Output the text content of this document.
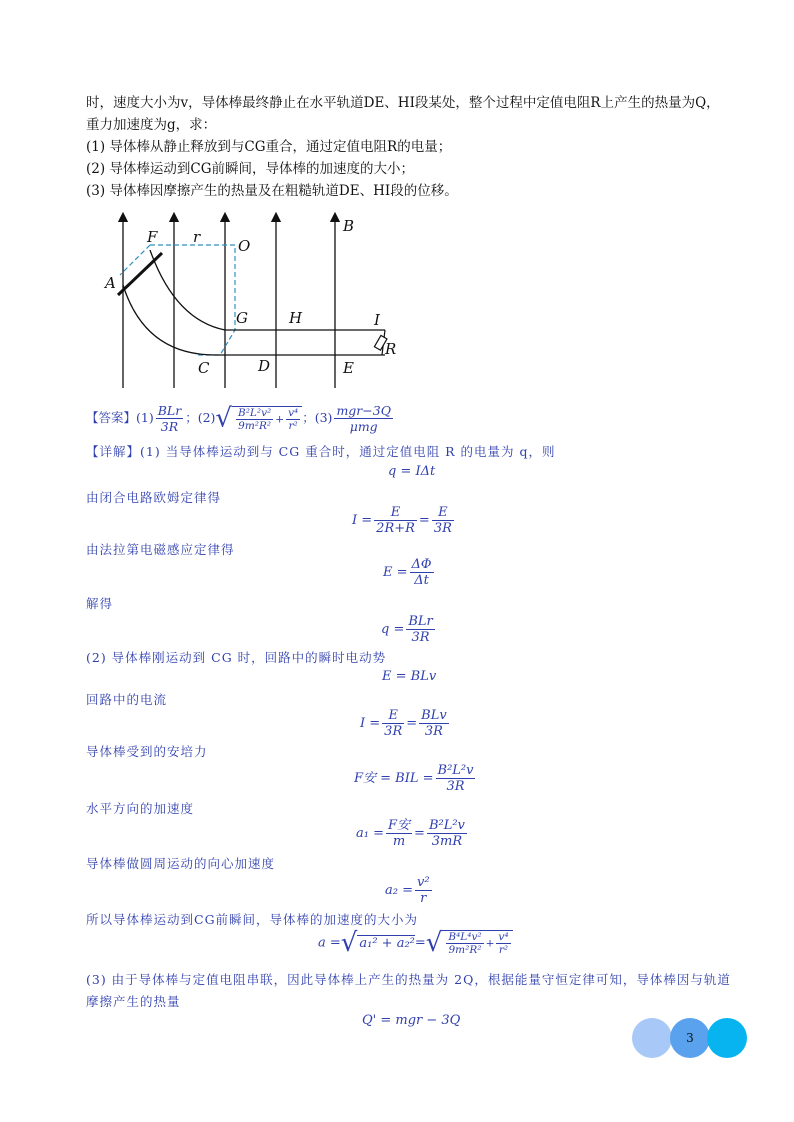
时，速度大小为v，导体棒最终静止在水平轨道DE、HI段某处，整个过程中定值电阻R上产生的热量为Q，
重力加速度为g，求：
(1) 导体棒从静止释放到与CG重合，通过定值电阻R的电量；
(2) 导体棒运动到CG前瞬间，导体棒的加速度的大小；
(3) 导体棒因摩擦产生的热量及在粗糙轨道DE、HI段的位移。
A
F r	O
B
G	H	I
C	D	E
R
【答案】$(1) \frac{\text{BLr}}{3R}$ ；$(2)√ \frac{\text{B²L²v²}}{\text{9m²R²}} + \frac{\text{v⁴}}{\text{r²}}$ ；$(3) \frac{\text{mgr−3Q}}{\text{μmg}}$
【详解】(1) 当导体棒运动到与 CG 重合时，通过定值电阻 R 的电量为 q，则
q = IΔt
由闭合电路欧姆定律得
$I = \frac{E}{2R+R} = \frac{E}{3R}$
由法拉第电磁感应定律得
$E = \frac{\Delta\Phi}{\Delta t}$
解得
$q = \frac{\text{BLr}}{3R}$
(2) 导体棒刚运动到 CG 时，回路中的瞬时电动势
E = BLv
回路中的电流
$I = \frac{E}{3R} = \frac{\text{BLv}}{3R}$
导体棒受到的安培力
F安 = BIL = $\frac{\text{B²L²v}}{3R}$
水平方向的加速度
$a_1 = \frac{\text{F安}}{m} = \frac{\text{B²L²v}}{3mR}$
导体棒做圆周运动的向心加速度
$a_2 = \frac{\text{v²}}{r}$
所以导体棒运动到CG前瞬间，导体棒的加速度的大小为
a =√ $a_1^2 + a_2^2=√ \frac{\text{B⁴L⁴v²}}{\text{9m²R²}} + \frac{\text{v⁴}}{\text{r²}}$
(3) 由于导体棒与定值电阻串联，因此导体棒上产生的热量为 2Q，根据能量守恒定律可知，导体棒因与轨道
摩擦产生的热量
Q' = mgr − 3Q
3
